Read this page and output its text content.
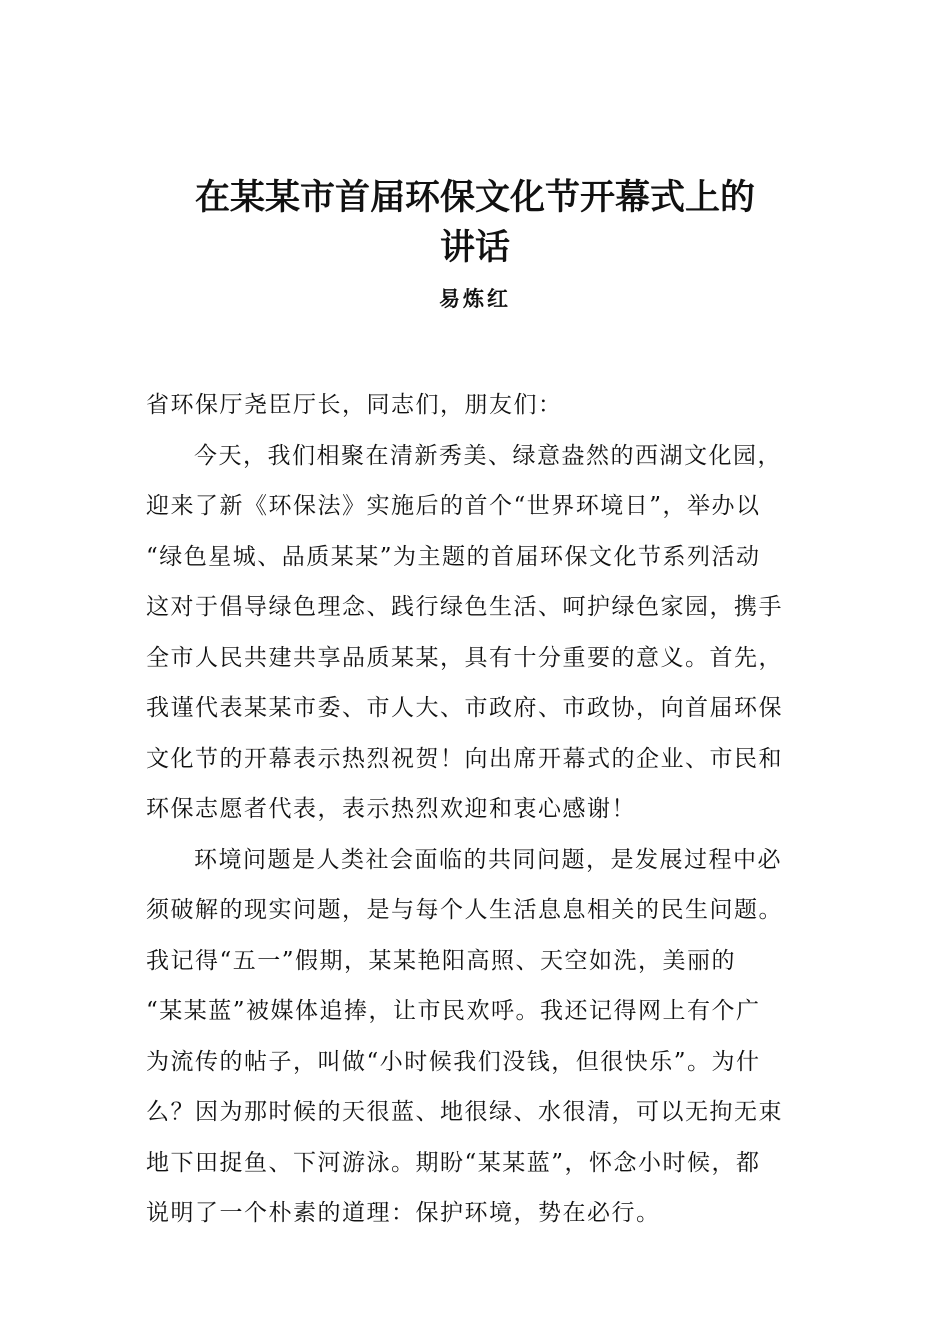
在某某市首届环保文化节开幕式上的
讲话
易炼红
省环保厅尧臣厅长，同志们，朋友们：
今天，我们相聚在清新秀美、绿意盎然的西湖文化园，
迎来了新《环保法》实施后的首个“世界环境日”，举办以
“绿色星城、品质某某”为主题的首届环保文化节系列活动
这对于倡导绿色理念、践行绿色生活、呵护绿色家园，携手
全市人民共建共享品质某某，具有十分重要的意义。首先，
我谨代表某某市委、市人大、市政府、市政协，向首届环保
文化节的开幕表示热烈祝贺！向出席开幕式的企业、市民和
环保志愿者代表，表示热烈欢迎和衷心感谢！
环境问题是人类社会面临的共同问题，是发展过程中必
须破解的现实问题，是与每个人生活息息相关的民生问题。
我记得“五一”假期，某某艳阳高照、天空如洗，美丽的
“某某蓝”被媒体追捧，让市民欢呼。我还记得网上有个广
为流传的帖子，叫做“小时候我们没钱，但很快乐”。为什
么？因为那时候的天很蓝、地很绿、水很清，可以无拘无束
地下田捉鱼、下河游泳。期盼“某某蓝”，怀念小时候，都
说明了一个朴素的道理：保护环境，势在必行。
